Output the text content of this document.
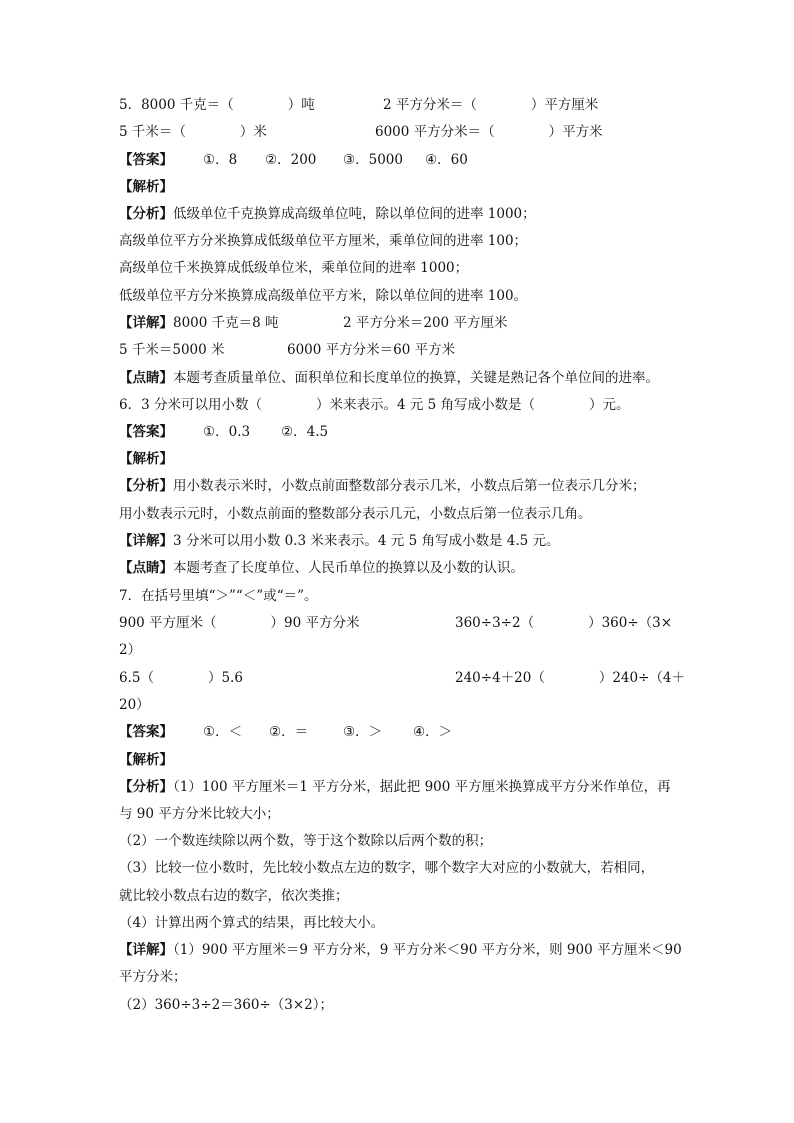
5．8000 千克＝（　　　　）吨	2 平方分米＝（　　　　）平方厘米
5 千米＝（　　　　）米	6000 平方分米＝（　　　　）平方米
【答案】 ①．8 ②．200 ③．5000 ④．60
【解析】
【分析】低级单位千克换算成高级单位吨，除以单位间的进率 1000；
高级单位平方分米换算成低级单位平方厘米，乘单位间的进率 100；
高级单位千米换算成低级单位米，乘单位间的进率 1000；
低级单位平方分米换算成高级单位平方米，除以单位间的进率 100。
【详解】8000 千克＝8 吨	2 平方分米＝200 平方厘米
5 千米＝5000 米	6000 平方分米＝60 平方米
【点睛】本题考查质量单位、面积单位和长度单位的换算，关键是熟记各个单位间的进率。
6．3 分米可以用小数（　　　　）米来表示。4 元 5 角写成小数是（　　　　）元。
【答案】 ①．0.3 ②．4.5
【解析】
【分析】用小数表示米时，小数点前面整数部分表示几米，小数点后第一位表示几分米；
用小数表示元时，小数点前面的整数部分表示几元，小数点后第一位表示几角。
【详解】3 分米可以用小数 0.3 米来表示。4 元 5 角写成小数是 4.5 元。
【点睛】本题考查了长度单位、人民币单位的换算以及小数的认识。
7．在括号里填“＞”“＜”或“＝”。
900 平方厘米（　　　　）90 平方分米	360÷3÷2（　　　　）360÷（3×
2）
6.5（　　　　）5.6	240÷4＋20（　　　　）240÷（4＋
20）
【答案】 ①．＜ ②．＝	③．＞ ④．＞
【解析】
【分析】（1）100 平方厘米＝1 平方分米，据此把 900 平方厘米换算成平方分米作单位，再
与 90 平方分米比较大小；
（2）一个数连续除以两个数，等于这个数除以后两个数的积；
（3）比较一位小数时，先比较小数点左边的数字，哪个数字大对应的小数就大，若相同，
就比较小数点右边的数字，依次类推；
（4）计算出两个算式的结果，再比较大小。
【详解】（1）900 平方厘米＝9 平方分米，9 平方分米＜90 平方分米，则 900 平方厘米＜90
平方分米；
（2）360÷3÷2＝360÷（3×2）；
